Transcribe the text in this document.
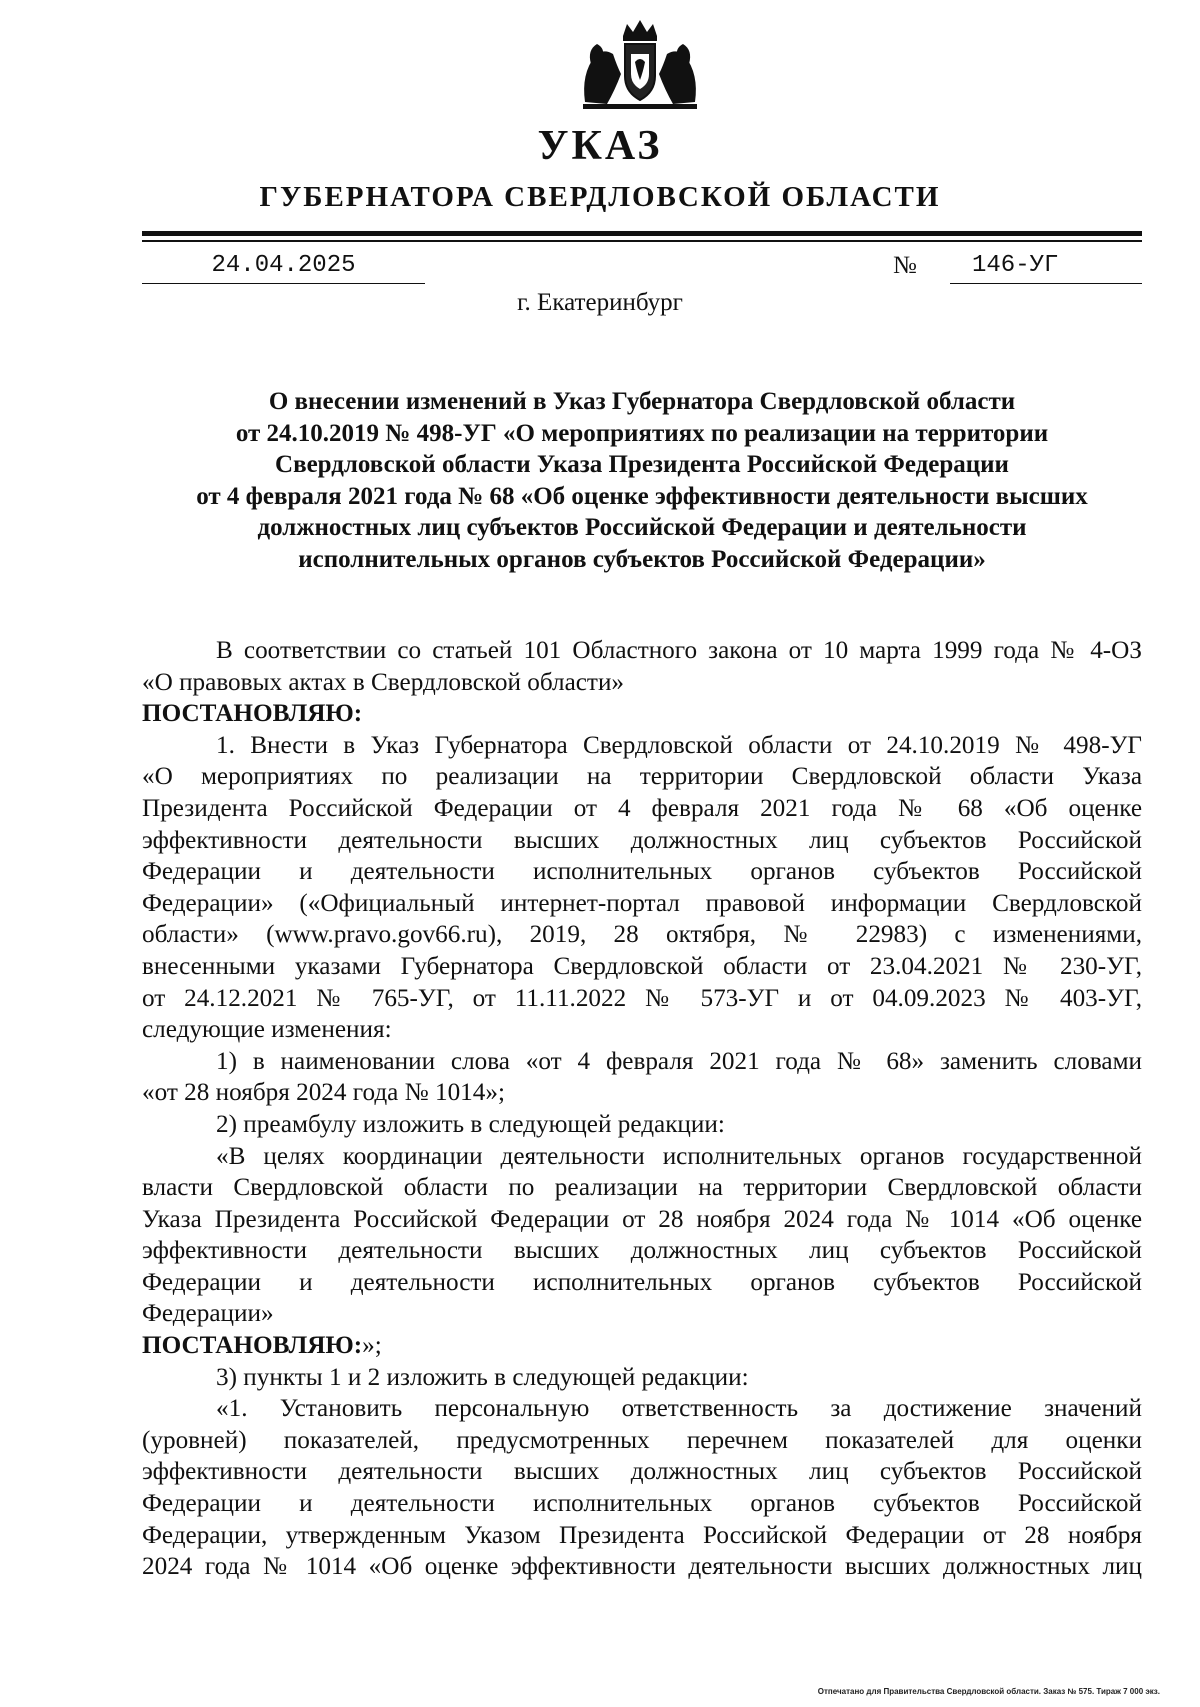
УКАЗ
ГУБЕРНАТОРА СВЕРДЛОВСКОЙ ОБЛАСТИ
24.04.2025	№	146-УГ
г. Екатеринбург
О внесении изменений в Указ Губернатора Свердловской области
от 24.10.2019 № 498-УГ «О мероприятиях по реализации на территории
Свердловской области Указа Президента Российской Федерации
от 4 февраля 2021 года № 68 «Об оценке эффективности деятельности высших
должностных лиц субъектов Российской Федерации и деятельности
исполнительных органов субъектов Российской Федерации»
В соответствии со статьей 101 Областного закона от 10 марта 1999 года № 4-ОЗ
«О правовых актах в Свердловской области»
ПОСТАНОВЛЯЮ:
1. Внести в Указ Губернатора Свердловской области от 24.10.2019 № 498-УГ
«О мероприятиях по реализации на территории Свердловской области Указа
Президента Российской Федерации от 4 февраля 2021 года № 68 «Об оценке
эффективности деятельности высших должностных лиц субъектов Российской
Федерации и деятельности исполнительных органов субъектов Российской
Федерации» («Официальный интернет-портал правовой информации Свердловской
области» (www.pravo.gov66.ru), 2019, 28 октября, № 22983) с изменениями,
внесенными указами Губернатора Свердловской области от 23.04.2021 № 230-УГ,
от 24.12.2021 № 765-УГ, от 11.11.2022 № 573-УГ и от 04.09.2023 № 403-УГ,
следующие изменения:
1) в наименовании слова «от 4 февраля 2021 года № 68» заменить словами
«от 28 ноября 2024 года № 1014»;
2) преамбулу изложить в следующей редакции:
«В целях координации деятельности исполнительных органов государственной
власти Свердловской области по реализации на территории Свердловской области
Указа Президента Российской Федерации от 28 ноября 2024 года № 1014 «Об оценке
эффективности деятельности высших должностных лиц субъектов Российской
Федерации и деятельности исполнительных органов субъектов Российской
Федерации»
ПОСТАНОВЛЯЮ:»;
3) пункты 1 и 2 изложить в следующей редакции:
«1. Установить персональную ответственность за достижение значений
(уровней) показателей, предусмотренных перечнем показателей для оценки
эффективности деятельности высших должностных лиц субъектов Российской
Федерации и деятельности исполнительных органов субъектов Российской
Федерации, утвержденным Указом Президента Российской Федерации от 28 ноября
2024 года № 1014 «Об оценке эффективности деятельности высших должностных лиц
Отпечатано для Правительства Свердловской области. Заказ № 575. Тираж 7 000 экз.
